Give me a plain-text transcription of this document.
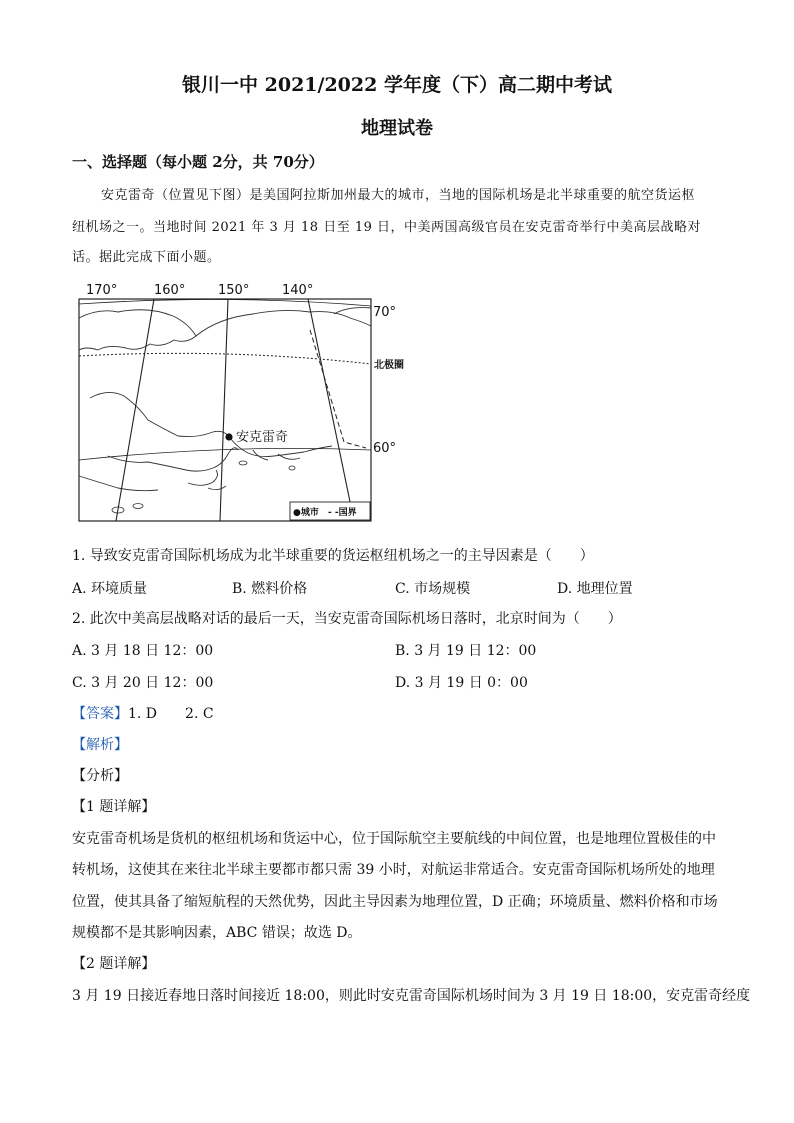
银川一中 2021/2022 学年度（下）高二期中考试
地理试卷
一、选择题（每小题 2分，共 70分）
安克雷奇（位置见下图）是美国阿拉斯加州最大的城市，当地的国际机场是北半球重要的航空货运枢
纽机场之一。当地时间 2021 年 3 月 18 日至 19 日，中美两国高级官员在安克雷奇举行中美高层战略对
话。据此完成下面小题。
170°	160°	150°	140°
70°
北极圈
60°
安克雷奇
●城市 - -国界
1. 导致安克雷奇国际机场成为北半球重要的货运枢纽机场之一的主导因素是（　　）
A. 环境质量	B. 燃料价格	C. 市场规模	D. 地理位置
2. 此次中美高层战略对话的最后一天，当安克雷奇国际机场日落时，北京时间为（　　）
A. 3 月 18 日 12：00	B. 3 月 19 日 12：00
C. 3 月 20 日 12：00	D. 3 月 19 日 0：00
【答案】1. D　　2. C
【解析】
【分析】
【1 题详解】
安克雷奇机场是货机的枢纽机场和货运中心，位于国际航空主要航线的中间位置，也是地理位置极佳的中
转机场，这使其在来往北半球主要都市都只需 39 小时，对航运非常适合。安克雷奇国际机场所处的地理
位置，使其具备了缩短航程的天然优势，因此主导因素为地理位置，D 正确；环境质量、燃料价格和市场
规模都不是其影响因素，ABC 错误；故选 D。
【2 题详解】
3 月 19 日接近春地日落时间接近 18:00，则此时安克雷奇国际机场时间为 3 月 19 日 18:00，安克雷奇经度
